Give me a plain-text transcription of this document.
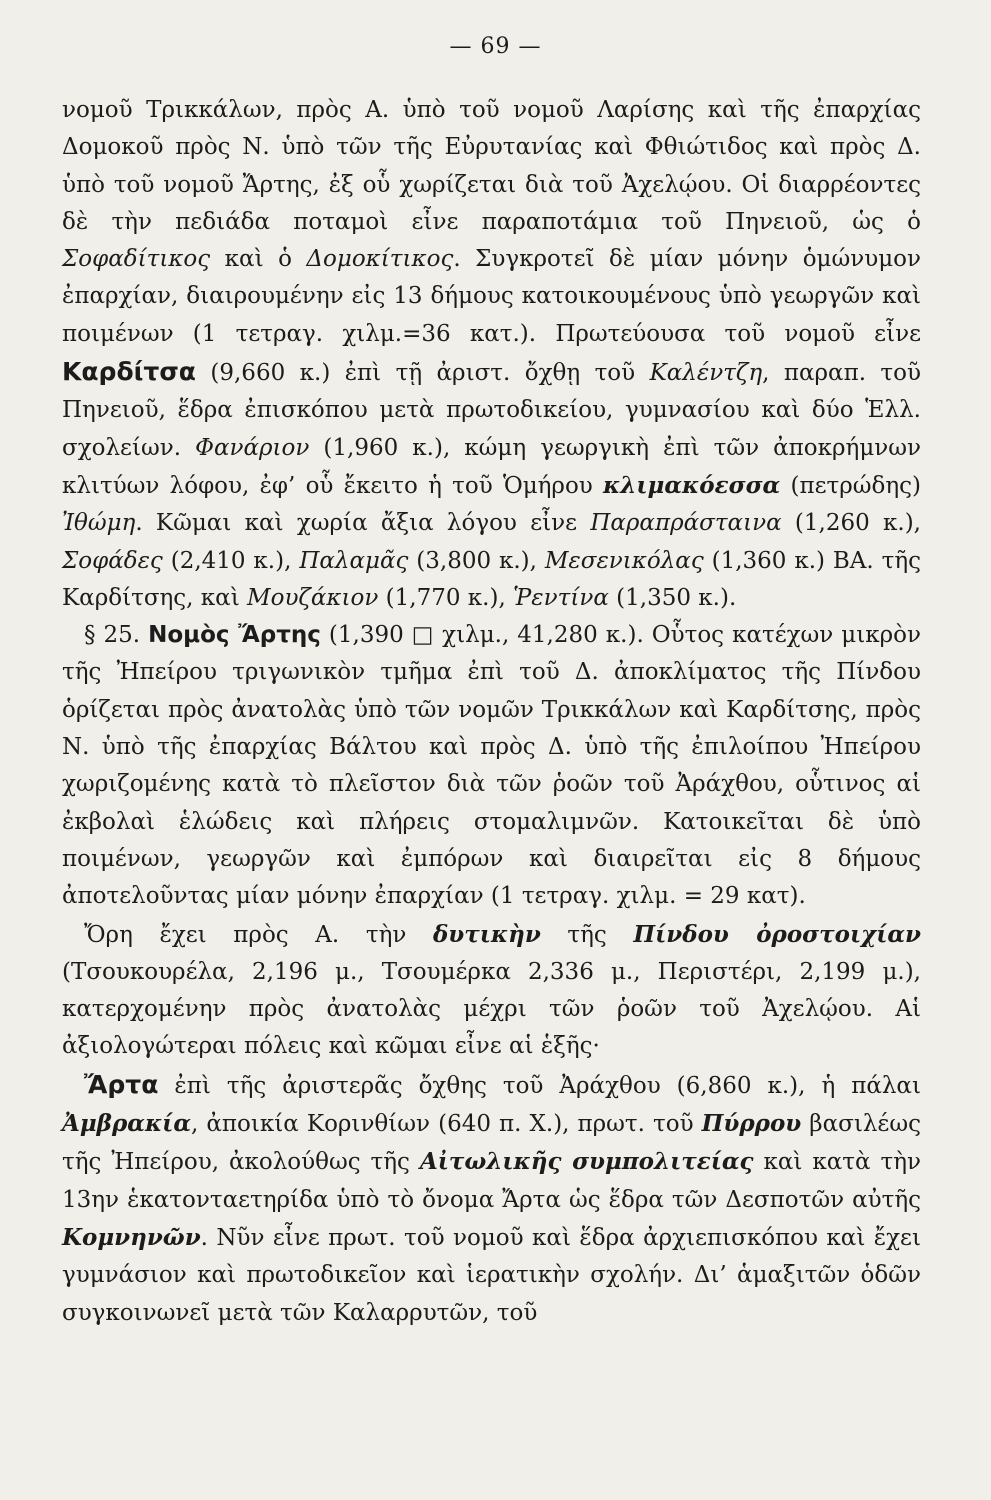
— 69 —

νομοῦ Τρικκάλων, πρὸς Α. ὑπὸ τοῦ νομοῦ Λαρίσης καὶ τῆς ἐπαρχίας Δομοκοῦ πρὸς Ν. ὑπὸ τῶν τῆς Εὐρυτανίας καὶ Φθιώτιδος καὶ πρὸς Δ. ὑπὸ τοῦ νομοῦ Ἄρτης, ἐξ οὗ χωρίζεται διὰ τοῦ Ἀχελῴου. Οἱ διαρρέοντες δὲ τὴν πεδιάδα ποταμοὶ εἶνε παραποτάμια τοῦ Πηνειοῦ, ὡς ὁ Σοφαδίτικος καὶ ὁ Δομοκίτικος. Συγκροτεῖ δὲ μίαν μόνην ὁμώνυμον ἐπαρχίαν, διαιρουμένην εἰς 13 δήμους κατοικουμένους ὑπὸ γεωργῶν καὶ ποιμένων (1 τετραγ. χιλμ.=36 κατ.). Πρωτεύουσα τοῦ νομοῦ εἶνε Καρδίτσα (9,660 κ.) ἐπὶ τῇ ἀριστ. ὄχθῃ τοῦ Καλέντζη, παραπ. τοῦ Πηνειοῦ, ἕδρα ἐπισκόπου μετὰ πρωτοδικείου, γυμνασίου καὶ δύο Ἑλλ. σχολείων. Φανάριον (1,960 κ.), κώμη γεωργικὴ ἐπὶ τῶν ἀποκρήμνων κλιτύων λόφου, ἐφ’ οὗ ἔκειτο ἡ τοῦ Ὁμήρου κλιμακόεσσα (πετρώδης) Ἰθώμη. Κῶμαι καὶ χωρία ἄξια λόγου εἶνε Παραπράσταινα (1,260 κ.), Σοφάδες (2,410 κ.), Παλαμᾶς (3,800 κ.), Μεσενικόλας (1,360 κ.) ΒΑ. τῆς Καρδίτσης, καὶ Μουζάκιον (1,770 κ.), Ῥεντίνα (1,350 κ.).

§ 25. Νομὸς Ἄρτης (1,390 □ χιλμ., 41,280 κ.). Οὗτος κατέχων μικρὸν τῆς Ἠπείρου τριγωνικὸν τμῆμα ἐπὶ τοῦ Δ. ἀποκλίματος τῆς Πίνδου ὁρίζεται πρὸς ἀνατολὰς ὑπὸ τῶν νομῶν Τρικκάλων καὶ Καρδίτσης, πρὸς Ν. ὑπὸ τῆς ἐπαρχίας Βάλτου καὶ πρὸς Δ. ὑπὸ τῆς ἐπιλοίπου Ἠπείρου χωριζομένης κατὰ τὸ πλεῖστον διὰ τῶν ῥοῶν τοῦ Ἀράχθου, οὗτινος αἱ ἐκβολαὶ ἑλώδεις καὶ πλήρεις στομαλιμνῶν. Κατοικεῖται δὲ ὑπὸ ποιμένων, γεωργῶν καὶ ἐμπόρων καὶ διαιρεῖται εἰς 8 δήμους ἀποτελοῦντας μίαν μόνην ἐπαρχίαν (1 τετραγ. χιλμ. = 29 κατ).

Ὄρη ἔχει πρὸς Α. τὴν δυτικὴν τῆς Πίνδου ὀροστοιχίαν (Τσουκουρέλα, 2,196 μ., Τσουμέρκα 2,336 μ., Περιστέρι, 2,199 μ.), κατερχομένην πρὸς ἀνατολὰς μέχρι τῶν ῥοῶν τοῦ Ἀχελῴου. Αἱ ἀξιολογώτεραι πόλεις καὶ κῶμαι εἶνε αἱ ἑξῆς·

Ἄρτα ἐπὶ τῆς ἀριστερᾶς ὄχθης τοῦ Ἀράχθου (6,860 κ.), ἡ πάλαι Ἀμβρακία, ἀποικία Κορινθίων (640 π. Χ.), πρωτ. τοῦ Πύρρου βασιλέως τῆς Ἠπείρου, ἀκολούθως τῆς Αἰτωλικῆς συμπολιτείας καὶ κατὰ τὴν 13ην ἑκατονταετηρίδα ὑπὸ τὸ ὄνομα Ἄρτα ὡς ἕδρα τῶν Δεσποτῶν αὐτῆς Κομνηνῶν. Νῦν εἶνε πρωτ. τοῦ νομοῦ καὶ ἕδρα ἀρχιεπισκόπου καὶ ἔχει γυμνάσιον καὶ πρωτοδικεῖον καὶ ἱερατικὴν σχολήν. Δι’ ἁμαξιτῶν ὁδῶν συγκοινωνεῖ μετὰ τῶν Καλαρρυτῶν, τοῦ
